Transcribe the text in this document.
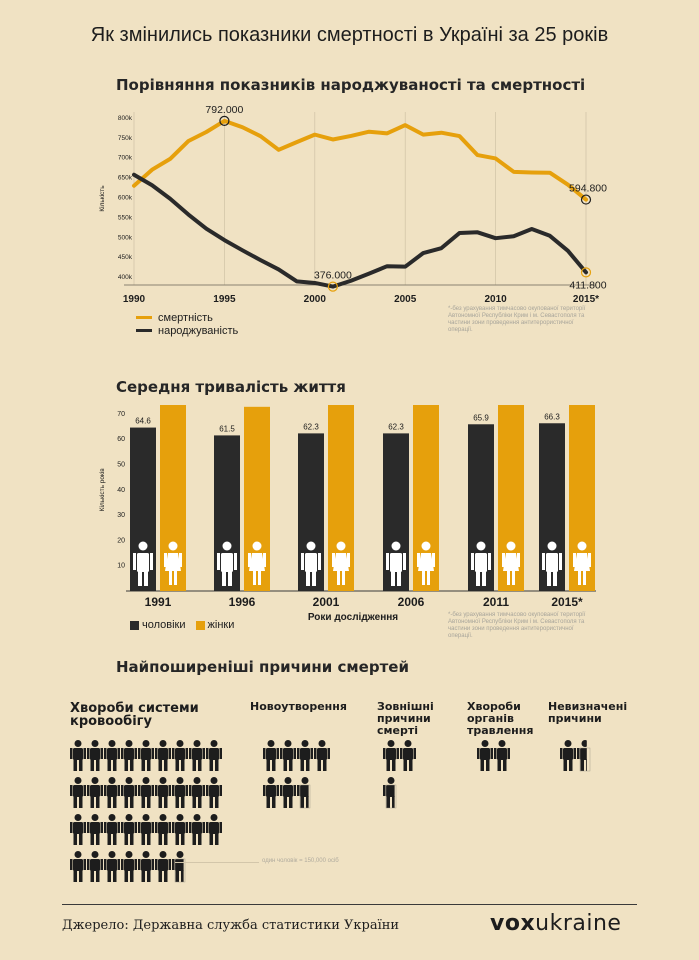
Як змінились показники смертності в Україні за 25 років
Порівняння показників народжуваності та смертності
1990	1995	2000	2005	2010	2015*
400k
450k
500k
550k
600k
650k
700k
750k
800k
Кількість
792.000
376.000
594.800
411.800
*-без урахування тимчасово окупованої території Автономної Республіки Крим і м. Севастополя та частини зони проведення антитерористичної операції.
смертність
народжуваність
Середня тривалість життя
10
20
30
40
50
60
70
Кількість років
64.6
1991
61.5
1996
62.3
2001
62.3
2006
65.9
2011
66.3
2015*
Роки дослідження	*-без урахування тимчасово окупованої території Автономної Республіки Крим і м. Севастополя та частини зони проведення антитерористичної операції.
чоловіки жінки
Найпоширеніші причини смертей
Хвороби системи кровообігу
Новоутворення	Зовнішні причини смерті
Хвороби органів травлення
Невизначені причини
один чоловік = 150,000 осіб
Джерело: Державна служба статистики України	voxukraine
